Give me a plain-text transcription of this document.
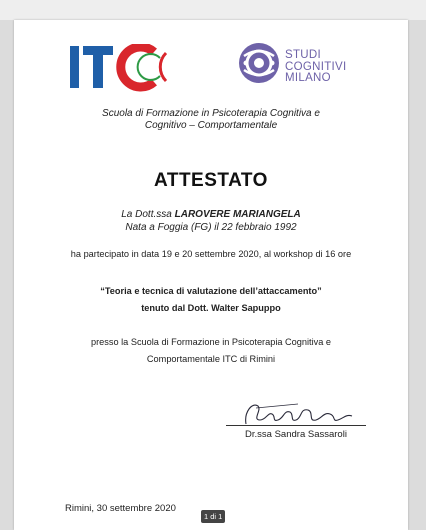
STUDI
COGNITIVI
MILANO
Scuola di Formazione in Psicoterapia Cognitiva e
Cognitivo – Comportamentale
ATTESTATO
La Dott.ssa LAROVERE MARIANGELA
Nata a Foggia (FG) il 22 febbraio 1992
ha partecipato in data 19 e 20 settembre 2020, al workshop di 16 ore
“Teoria e tecnica di valutazione dell’attaccamento”
tenuto dal Dott. Walter Sapuppo
presso la Scuola di Formazione in Psicoterapia Cognitiva e
Comportamentale ITC di Rimini
Dr.ssa Sandra Sassaroli
Rimini, 30 settembre 2020
1 di 1
